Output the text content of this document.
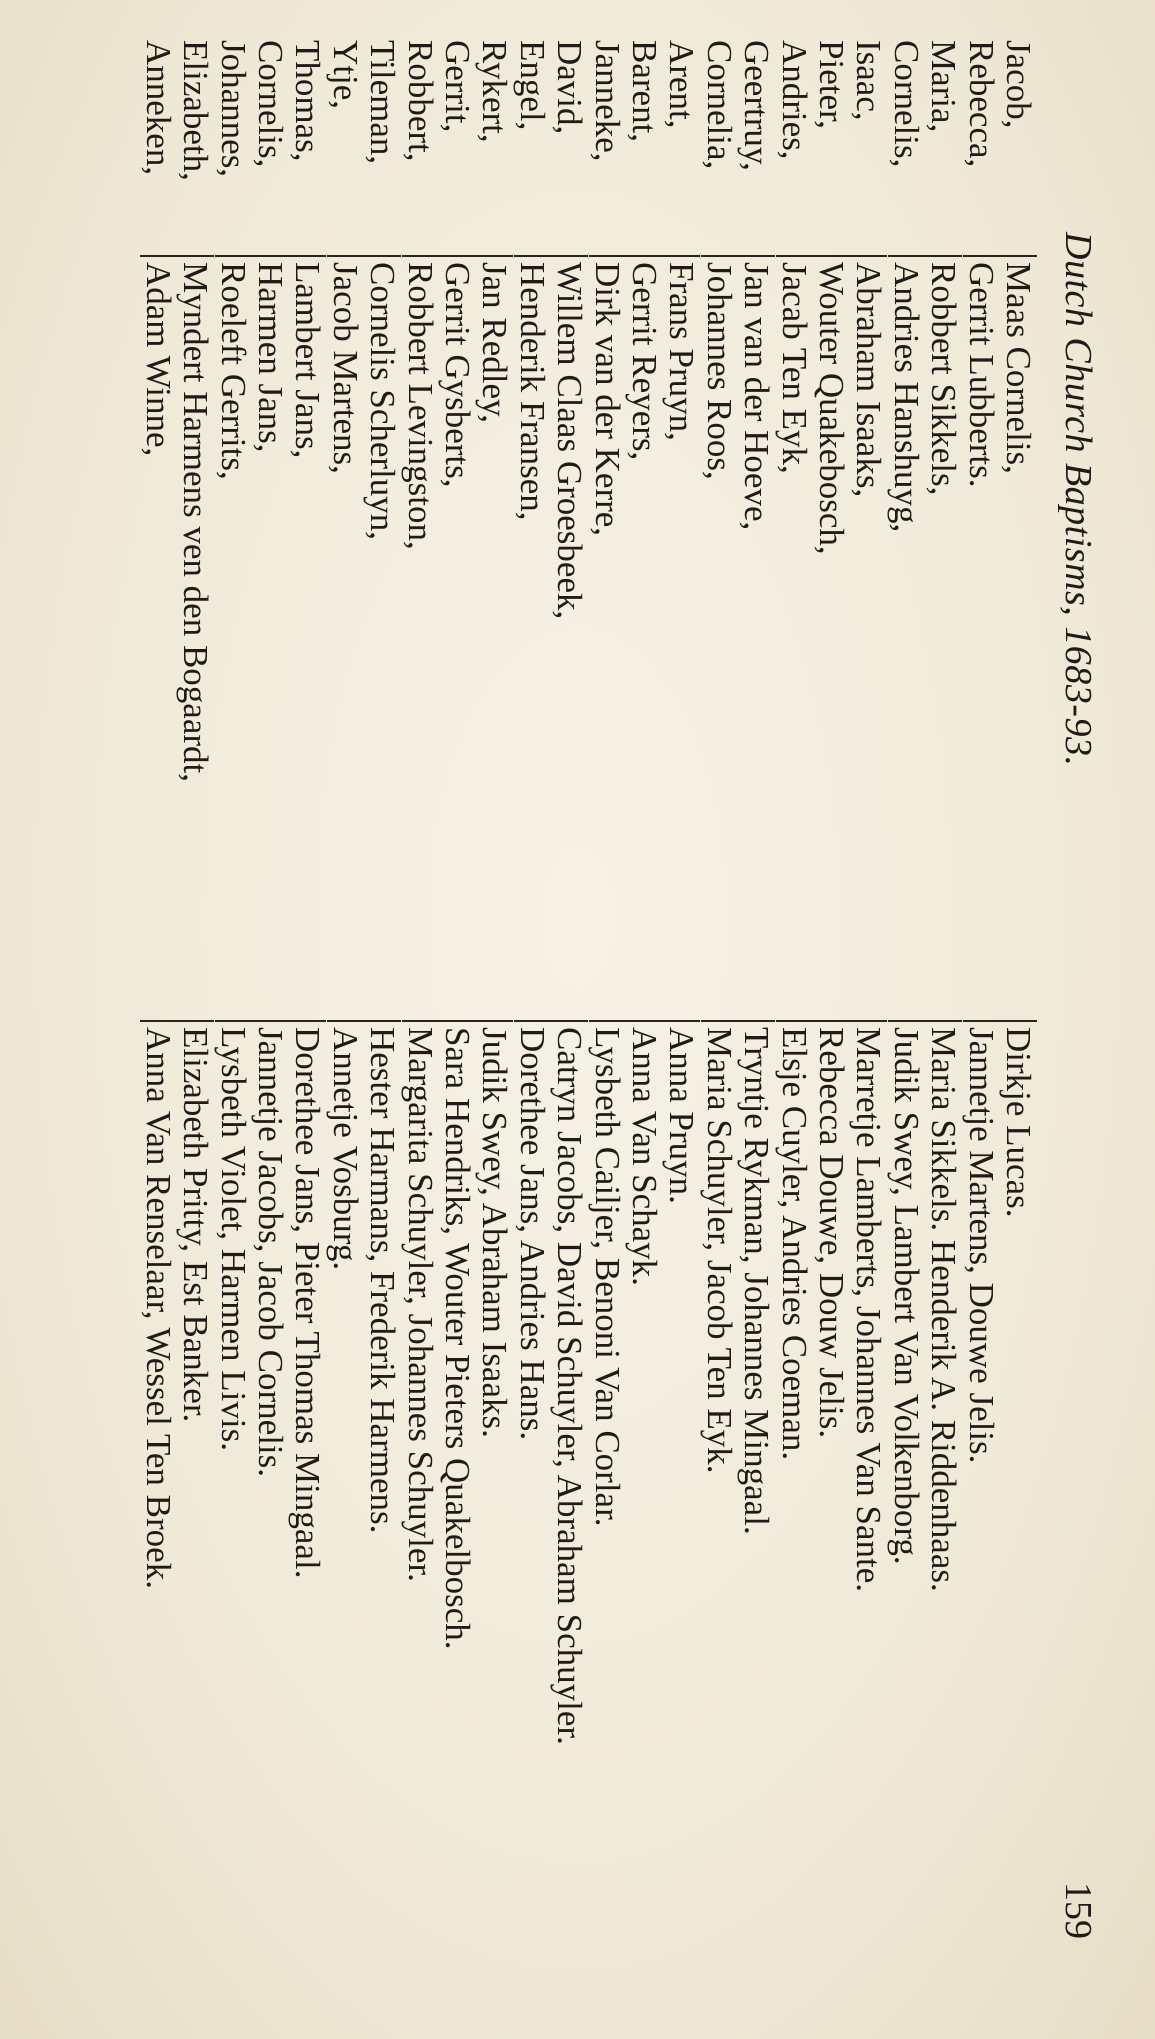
Dutch Church Baptisms, 1683-93.
159
Jacob,
Maas Cornelis,
Dirkje Lucas.
Rebecca,
Gerrit Lubberts.
Jannetje Martens, Douwe Jelis.
Maria,
Robbert Sikkels,
Maria Sikkels. Henderik A. Riddenhaas.
Cornelis,
Andries Hanshuyg,
Judik Swey, Lambert Van Volkenborg.
Isaac,
Abraham Isaaks,
Marretje Lamberts, Johannes Van Sante.
Pieter,
Wouter Quakebosch,
Rebecca Douwe, Douw Jelis.
Andries,
Jacab Ten Eyk,
Elsje Cuyler, Andries Coeman.
Geertruy,
Jan van der Hoeve,
Tryntje Rykman, Johannes Mingaal.
Cornelia,
Johannes Roos,
Maria Schuyler, Jacob Ten Eyk.
Arent,
Frans Pruyn,
Anna Pruyn.
Barent,
Gerrit Reyers,
Anna Van Schayk.
Janneke,
Dirk van der Kerre,
Lysbeth Cailjer, Benoni Van Corlar.
David,
Willem Claas Groesbeek,
Catryn Jacobs, David Schuyler, Abraham Schuyler.
Engel,
Henderik Fransen,
Dorethee Jans, Andries Hans.
Rykert,
Jan Redley,
Judik Swey, Abraham Isaaks.
Gerrit,
Gerrit Gysberts,
Sara Hendriks, Wouter Pieters Quakelbosch.
Robbert,
Robbert Levingston,
Margarita Schuyler, Johannes Schuyler.
Tileman,
Cornelis Scherluyn,
Hester Harmans, Frederik Harmens.
Ytje,
Jacob Martens,
Annetje Vosburg.
Thomas,
Lambert Jans,
Dorethee Jans, Pieter Thomas Mingaal.
Cornelis,
Harmen Jans,
Jannetje Jacobs, Jacob Cornelis.
Johannes,
Roeleft Gerrits,
Lysbeth Violet, Harmen Livis.
Elizabeth,
Myndert Harmens ven den Bogaardt,
Elizabeth Pritty, Est Banker.
Anneken,
Adam Winne,
Anna Van Renselaar, Wessel Ten Broek.
